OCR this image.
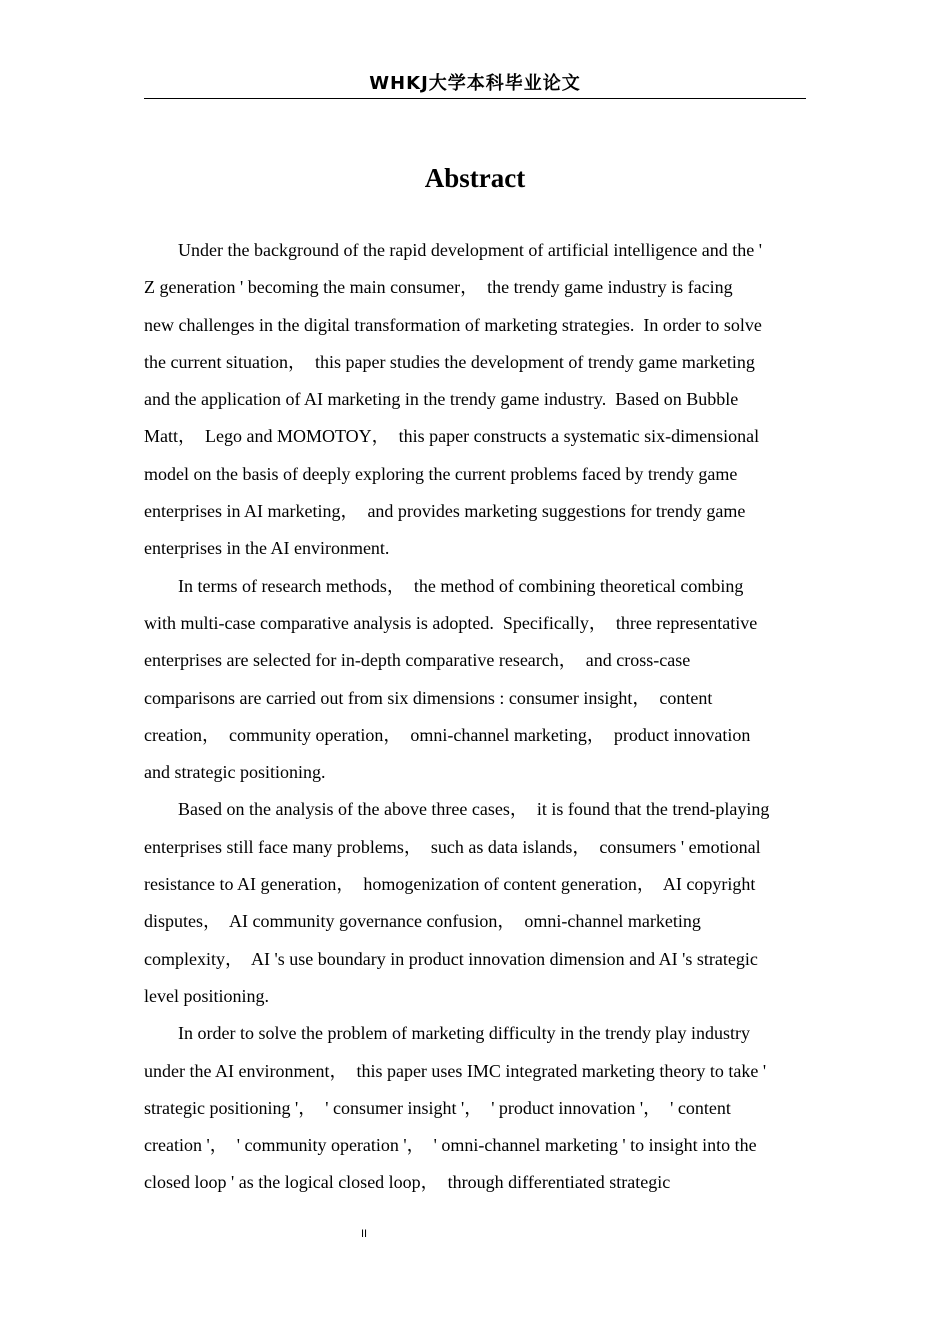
WHKJ大学本科毕业论文
Abstract

Under the background of the rapid development of artificial intelligence and the '
Z generation ' becoming the main consumer，  the trendy game industry is facing
new challenges in the digital transformation of marketing strategies.  In order to solve
the current situation，  this paper studies the development of trendy game marketing
and the application of AI marketing in the trendy game industry.  Based on Bubble
Matt，  Lego and MOMOTOY，  this paper constructs a systematic six-dimensional
model on the basis of deeply exploring the current problems faced by trendy game
enterprises in AI marketing，  and provides marketing suggestions for trendy game
enterprises in the AI environment.

In terms of research methods，  the method of combining theoretical combing
with multi-case comparative analysis is adopted.  Specifically，  three representative
enterprises are selected for in-depth comparative research，  and cross-case
comparisons are carried out from six dimensions : consumer insight，  content
creation，  community operation，  omni-channel marketing，  product innovation
and strategic positioning.

Based on the analysis of the above three cases，  it is found that the trend-playing
enterprises still face many problems，  such as data islands，  consumers ' emotional
resistance to AI generation，  homogenization of content generation，  AI copyright
disputes，  AI community governance confusion，  omni-channel marketing
complexity，  AI 's use boundary in product innovation dimension and AI 's strategic
level positioning.

In order to solve the problem of marketing difficulty in the trendy play industry
under the AI environment，  this paper uses IMC integrated marketing theory to take '
strategic positioning '，  ' consumer insight '，  ' product innovation '，  ' content
creation '，  ' community operation '，  ' omni-channel marketing ' to insight into the
closed loop ' as the logical closed loop，  through differentiated strategic

II
